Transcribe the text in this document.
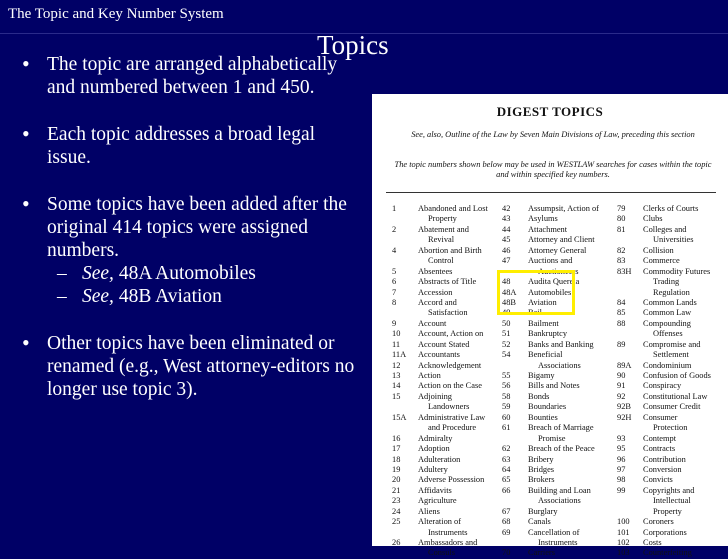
The Topic and Key Number System
Topics
• The topic are arranged alphabetically and numbered between 1 and 450.
• Each topic addresses a broad legal issue.
• Some topics have been added after the original 414 topics were assigned numbers.
– See, 48A Automobiles
– See, 48B Aviation
• Other topics have been eliminated or renamed (e.g., West attorney-editors no longer use topic 3).
DIGEST TOPICS
See, also, Outline of the Law by Seven Main Divisions of Law, preceding this section
The topic numbers shown below may be used in WESTLAW searches for cases within the topic and within specified key numbers.
1	Abandoned and Lost
Property
2	Abatement and
Revival
4	Abortion and Birth
Control
5	Absentees
6	Abstracts of Title
7	Accession
8	Accord and
Satisfaction
9	Account
10	Account, Action on
11	Account Stated
11A	Accountants
12	Acknowledgement
13	Action
14	Action on the Case
15	Adjoining
Landowners
15A	Administrative Law
and Procedure
16	Admiralty
17	Adoption
18	Adulteration
19	Adultery
20	Adverse Possession
21	Affidavits
23	Agriculture
24	Aliens
25	Alteration of
Instruments
26	Ambassadors and
Consuls
42	Assumpsit, Action of
43	Asylums
44	Attachment
45	Attorney and Client
46	Attorney General
47	Auctions and
Auctioneers
48	Audita Querela
48A	Automobiles
48B	Aviation
49	Bail
50	Bailment
51	Bankruptcy
52	Banks and Banking
54	Beneficial
Associations
55	Bigamy
56	Bills and Notes
58	Bonds
59	Boundaries
60	Bounties
61	Breach of Marriage
Promise
62	Breach of the Peace
63	Bribery
64	Bridges
65	Brokers
66	Building and Loan
Associations
67	Burglary
68	Canals
69	Cancellation of
Instruments
70	Carriers
79	Clerks of Courts
80	Clubs
81	Colleges and
Universities
82	Collision
83	Commerce
83H	Commodity Futures
Trading
Regulation
84	Common Lands
85	Common Law
88	Compounding
Offenses
89	Compromise and
Settlement
89A	Condominium
90	Confusion of Goods
91	Conspiracy
92	Constitutional Law
92B	Consumer Credit
92H	Consumer
Protection
93	Contempt
95	Contracts
96	Contribution
97	Conversion
98	Convicts
99	Copyrights and
Intellectual
Property
100	Coroners
101	Corporations
102	Costs
103	Counterfeiting
